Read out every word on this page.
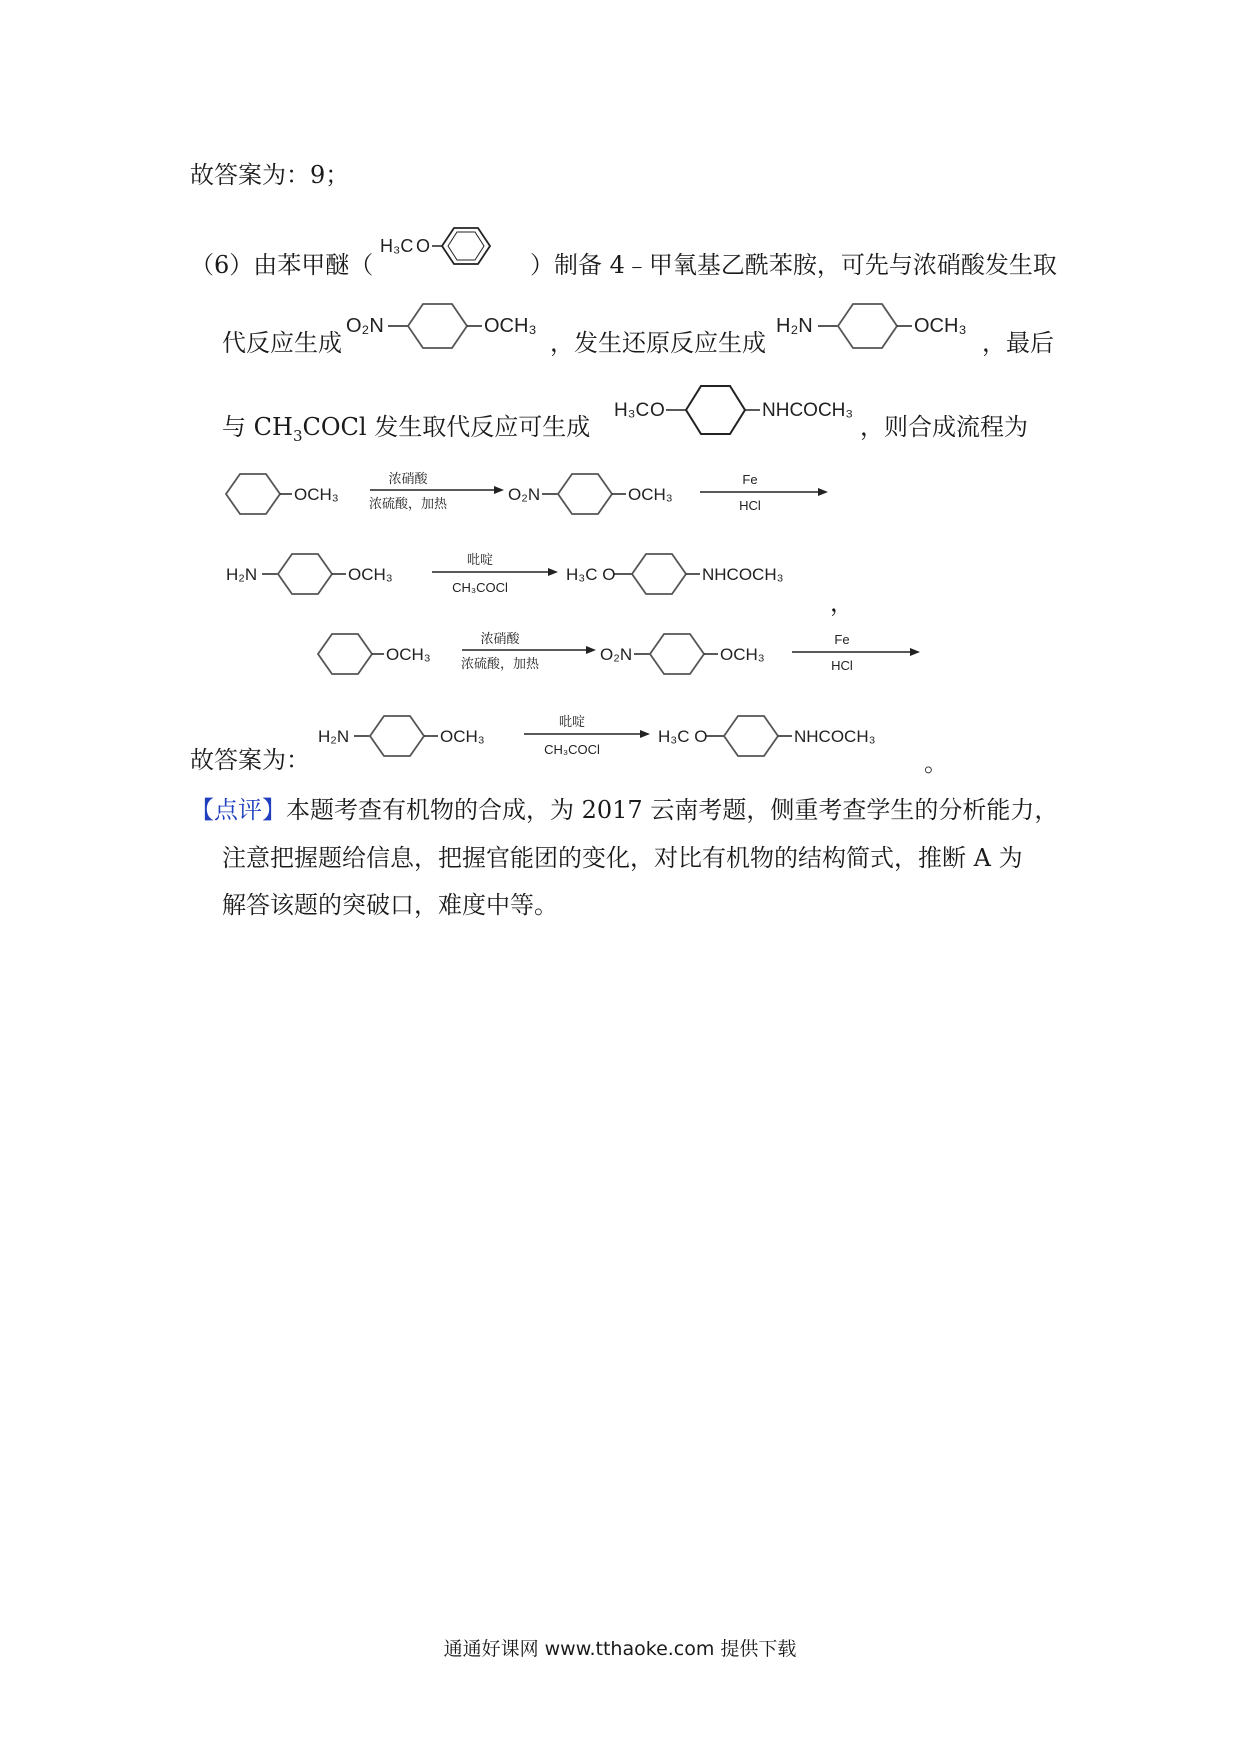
故答案为：9；
（6）由苯甲醚（
H₃C O
）制备 4﹣甲氧基乙酰苯胺，可先与浓硝酸发生取
代反应生成
O₂N	OCH₃
，发生还原反应生成
H₂N	OCH₃
，最后
与 $CH_3COCl$ 发生取代反应可生成
H₃C O	NHCOCH₃
，则合成流程为
OCH₃
浓硝酸
浓硫酸，加热	O₂N	OCH₃
Fe
HCl
H₂N	OCH₃
吡啶
CH₃COCl
H₃C O	NHCOCH₃
，
OCH₃
浓硝酸
浓硫酸，加热	O₂N	OCH₃
Fe
HCl
故答案为：
H₂N	OCH₃
吡啶
CH₃COCl
H₃C O	NHCOCH₃
。
【点评】本题考查有机物的合成，为 2017 云南考题，侧重考查学生的分析能力，
注意把握题给信息，把握官能团的变化，对比有机物的结构简式，推断 A 为
解答该题的突破口，难度中等。
通通好课网 www.tthaoke.com 提供下载
